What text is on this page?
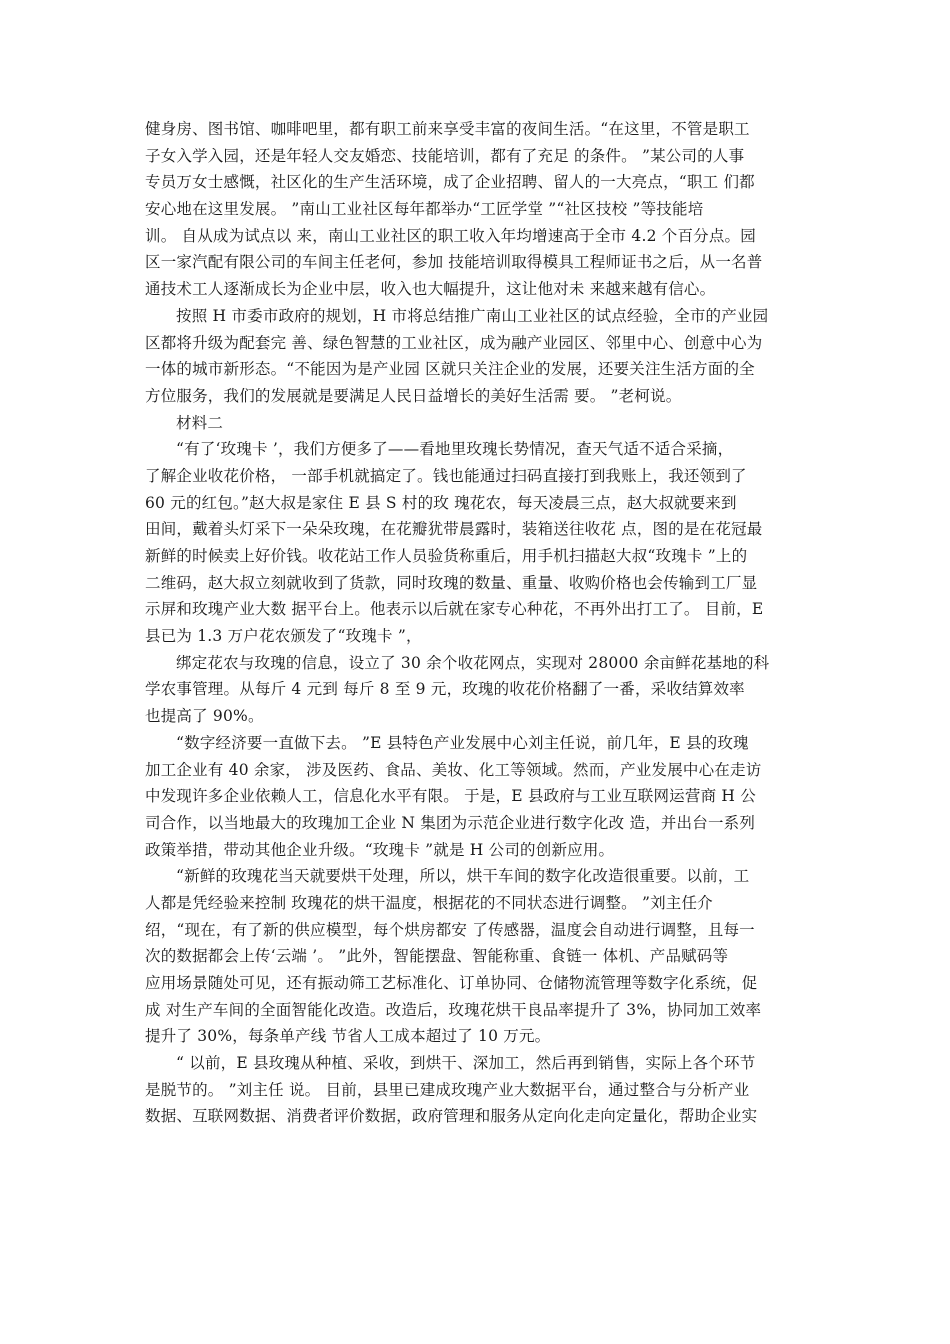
健身房、图书馆、咖啡吧里，都有职工前来享受丰富的夜间生活。“在这里，不管是职工
子女入学入园，还是年轻人交友婚恋、技能培训，都有了充足 的条件。 ”某公司的人事
专员万女士感慨，社区化的生产生活环境，成了企业招聘、留人的一大亮点，“职工 们都
安心地在这里发展。 ”南山工业社区每年都举办“工匠学堂 ”“社区技校 ”等技能培
训。 自从成为试点以 来，南山工业社区的职工收入年均增速高于全市 4.2 个百分点。园
区一家汽配有限公司的车间主任老何，参加 技能培训取得模具工程师证书之后，从一名普
通技术工人逐渐成长为企业中层，收入也大幅提升，这让他对未 来越来越有信心。
按照 H 市委市政府的规划，H 市将总结推广南山工业社区的试点经验，全市的产业园
区都将升级为配套完 善、绿色智慧的工业社区，成为融产业园区、邻里中心、创意中心为
一体的城市新形态。“不能因为是产业园 区就只关注企业的发展，还要关注生活方面的全
方位服务，我们的发展就是要满足人民日益增长的美好生活需 要。 ”老柯说。
材料二
“有了‘玫瑰卡 ’，我们方便多了——看地里玫瑰长势情况，查天气适不适合采摘，
了解企业收花价格， 一部手机就搞定了。钱也能通过扫码直接打到我账上，我还领到了
60 元的红包。”赵大叔是家住 E 县 S 村的玫 瑰花农，每天凌晨三点，赵大叔就要来到
田间，戴着头灯采下一朵朵玫瑰，在花瓣犹带晨露时，装箱送往收花 点，图的是在花冠最
新鲜的时候卖上好价钱。收花站工作人员验货称重后，用手机扫描赵大叔“玫瑰卡 ”上的
二维码，赵大叔立刻就收到了货款，同时玫瑰的数量、重量、收购价格也会传输到工厂显
示屏和玫瑰产业大数 据平台上。他表示以后就在家专心种花，不再外出打工了。 目前，E
县已为 1.3 万户花农颁发了“玫瑰卡 ”，
绑定花农与玫瑰的信息，设立了 30 余个收花网点，实现对 28000 余亩鲜花基地的科
学农事管理。从每斤 4 元到 每斤 8 至 9 元，玫瑰的收花价格翻了一番，采收结算效率
也提高了 90%。
“数字经济要一直做下去。 ”E 县特色产业发展中心刘主任说，前几年，E 县的玫瑰
加工企业有 40 余家， 涉及医药、食品、美妆、化工等领域。然而，产业发展中心在走访
中发现许多企业依赖人工，信息化水平有限。 于是，E 县政府与工业互联网运营商 H 公
司合作，以当地最大的玫瑰加工企业 N 集团为示范企业进行数字化改 造，并出台一系列
政策举措，带动其他企业升级。“玫瑰卡 ”就是 H 公司的创新应用。
“新鲜的玫瑰花当天就要烘干处理，所以，烘干车间的数字化改造很重要。以前，工
人都是凭经验来控制 玫瑰花的烘干温度，根据花的不同状态进行调整。 ”刘主任介
绍，“现在，有了新的供应模型，每个烘房都安 了传感器，温度会自动进行调整，且每一
次的数据都会上传‘云端 ’。 ”此外，智能摆盘、智能称重、食链一 体机、产品赋码等
应用场景随处可见，还有振动筛工艺标准化、订单协同、仓储物流管理等数字化系统，促
成 对生产车间的全面智能化改造。改造后，玫瑰花烘干良品率提升了 3%，协同加工效率
提升了 30%，每条单产线 节省人工成本超过了 10 万元。
“ 以前，E 县玫瑰从种植、采收，到烘干、深加工，然后再到销售，实际上各个环节
是脱节的。 ”刘主任 说。 目前，县里已建成玫瑰产业大数据平台，通过整合与分析产业
数据、互联网数据、消费者评价数据，政府管理和服务从定向化走向定量化，帮助企业实
